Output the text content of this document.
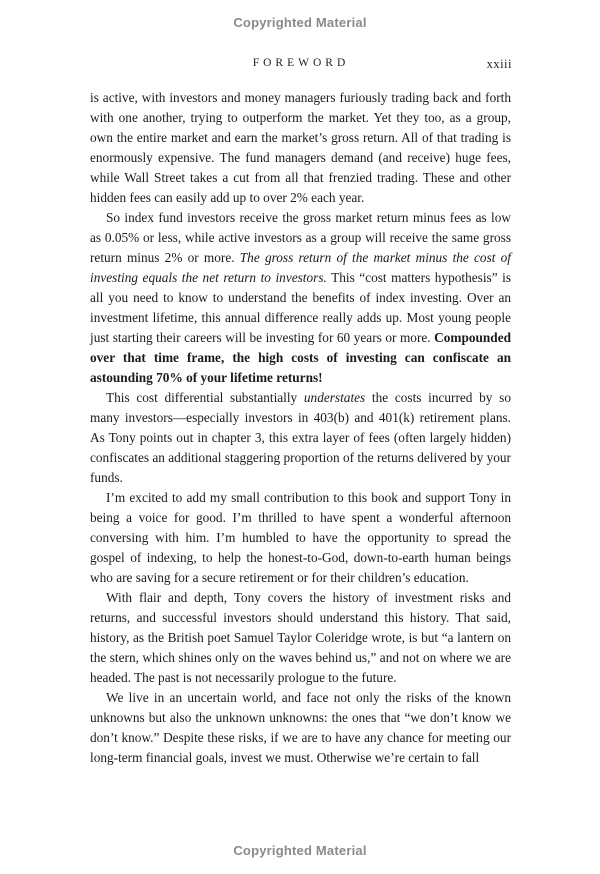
Copyrighted Material
FOREWORD	xxiii

is active, with investors and money managers furiously trading back and forth with one another, trying to outperform the market. Yet they too, as a group, own the entire market and earn the market’s gross return. All of that trading is enormously expensive. The fund managers demand (and receive) huge fees, while Wall Street takes a cut from all that frenzied trading. These and other hidden fees can easily add up to over 2% each year.

So index fund investors receive the gross market return minus fees as low as 0.05% or less, while active investors as a group will receive the same gross return minus 2% or more. The gross return of the market minus the cost of investing equals the net return to investors. This “cost matters hypothesis” is all you need to know to understand the benefits of index investing. Over an investment lifetime, this annual difference really adds up. Most young people just starting their careers will be investing for 60 years or more. Compounded over that time frame, the high costs of investing can confiscate an astounding 70% of your lifetime returns!

This cost differential substantially understates the costs incurred by so many investors—especially investors in 403(b) and 401(k) retirement plans. As Tony points out in chapter 3, this extra layer of fees (often largely hidden) confiscates an additional staggering proportion of the returns delivered by your funds.

I’m excited to add my small contribution to this book and support Tony in being a voice for good. I’m thrilled to have spent a wonderful afternoon conversing with him. I’m humbled to have the opportunity to spread the gospel of indexing, to help the honest-to-God, down-to-earth human beings who are saving for a secure retirement or for their children’s education.

With flair and depth, Tony covers the history of investment risks and returns, and successful investors should understand this history. That said, history, as the British poet Samuel Taylor Coleridge wrote, is but “a lantern on the stern, which shines only on the waves behind us,” and not on where we are headed. The past is not necessarily prologue to the future.

We live in an uncertain world, and face not only the risks of the known unknowns but also the unknown unknowns: the ones that “we don’t know we don’t know.” Despite these risks, if we are to have any chance for meeting our long-term financial goals, invest we must. Otherwise we’re certain to fall

Copyrighted Material
